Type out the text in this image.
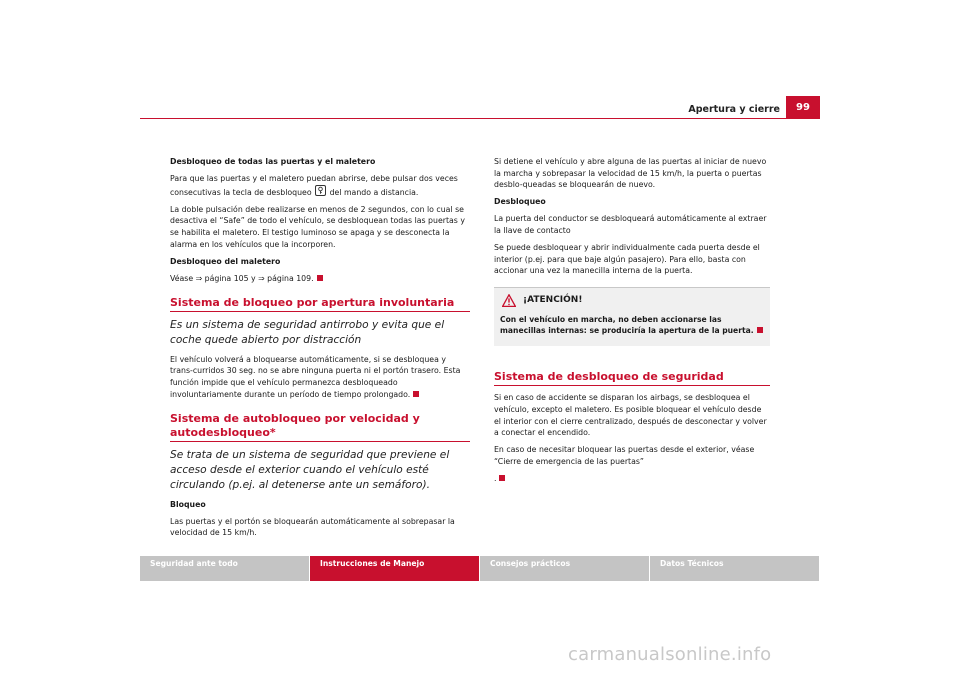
Apertura y cierre	99

Desbloqueo de todas las puertas y el maletero

Para que las puertas y el maletero puedan abrirse, debe pulsar dos veces consecutivas la tecla de desbloqueo
del mando a distancia.

La doble pulsación debe realizarse en menos de 2 segundos, con lo cual se desactiva el “Safe” de todo el vehículo, se desbloquean todas las puertas y se habilita el maletero. El testigo luminoso se apaga y se desconecta la alarma en los vehículos que la incorporen.

Desbloqueo del maletero

Véase ⇒ página 105 y ⇒ página 109.

Sistema de bloqueo por apertura involuntaria

Es un sistema de seguridad antirrobo y evita que el coche quede abierto por distracción

El vehículo volverá a bloquearse automáticamente, si se desbloquea y trans-curridos 30 seg. no se abre ninguna puerta ni el portón trasero. Esta función impide que el vehículo permanezca desbloqueado involuntariamente durante un período de tiempo prolongado.

Sistema de autobloqueo por velocidad y autodesbloqueo*

Se trata de un sistema de seguridad que previene el acceso desde el exterior cuando el vehículo esté circulando (p.ej. al detenerse ante un semáforo).

Bloqueo

Las puertas y el portón se bloquearán automáticamente al sobrepasar la velocidad de 15 km/h.

Si detiene el vehículo y abre alguna de las puertas al iniciar de nuevo la marcha y sobrepasar la velocidad de 15 km/h, la puerta o puertas desblo-queadas se bloquearán de nuevo.

Desbloqueo

La puerta del conductor se desbloqueará automáticamente al extraer la llave de contacto

Se puede desbloquear y abrir individualmente cada puerta desde el interior (p.ej. para que baje algún pasajero). Para ello, basta con accionar una vez la manecilla interna de la puerta.

¡ATENCIÓN!

Con el vehículo en marcha, no deben accionarse las manecillas internas: se produciría la apertura de la puerta.

Sistema de desbloqueo de seguridad

Si en caso de accidente se disparan los airbags, se desbloquea el vehículo, excepto el maletero. Es posible bloquear el vehículo desde el interior con el cierre centralizado, después de desconectar y volver a conectar el encendido.

En caso de necesitar bloquear las puertas desde el exterior, véase “Cierre de emergencia de las puertas”

.

Seguridad ante todo	Instrucciones de Manejo	Consejos prácticos	Datos Técnicos
carmanualsonline.info
